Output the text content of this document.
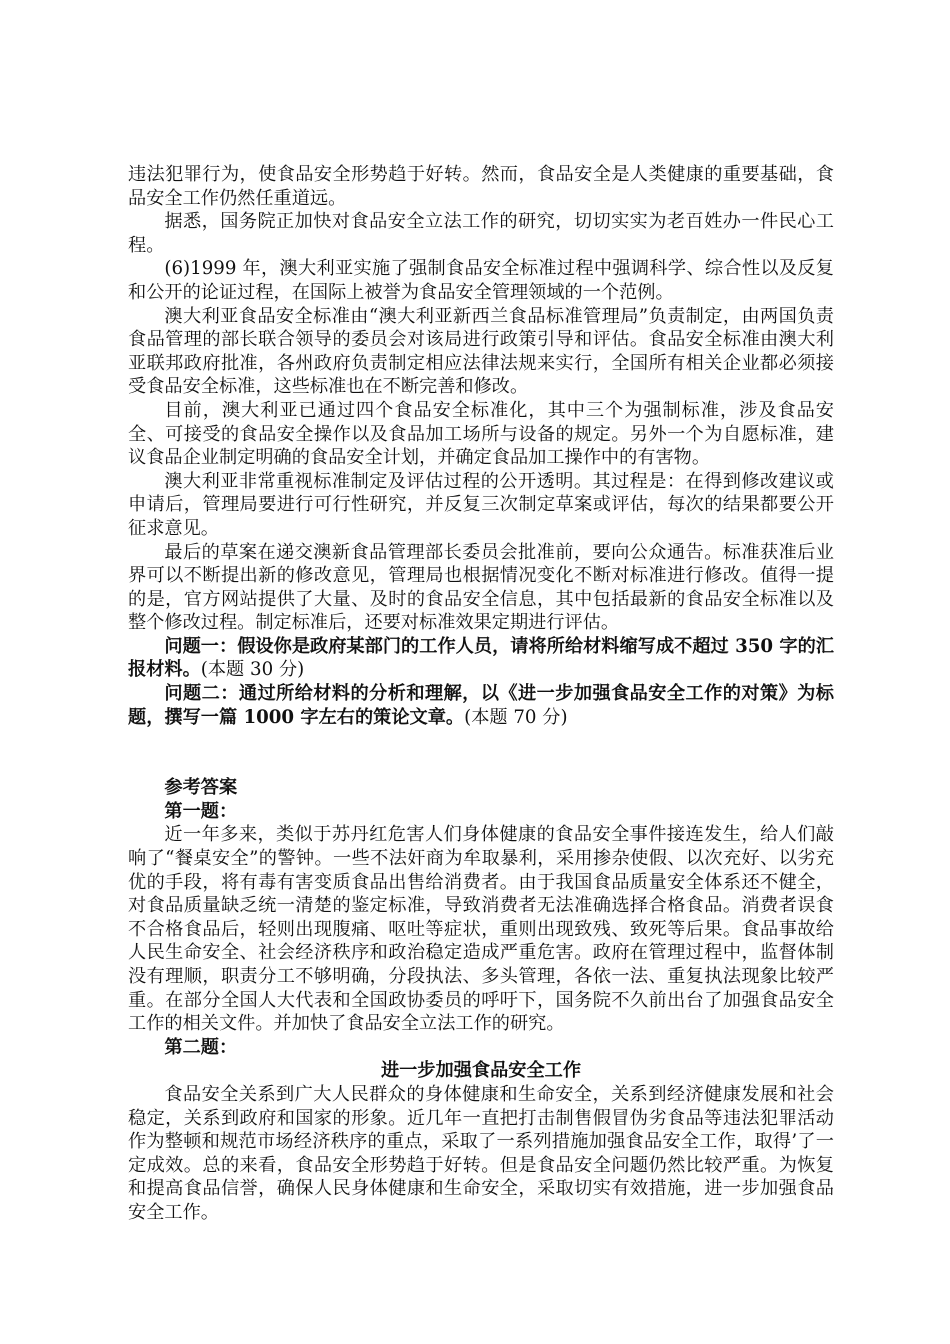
违法犯罪行为，使食品安全形势趋于好转。然而，食品安全是人类健康的重要基础，食品安全工作仍然任重道远。

据悉，国务院正加快对食品安全立法工作的研究，切切实实为老百姓办一件民心工程。

(6)1999 年，澳大利亚实施了强制食品安全标准过程中强调科学、综合性以及反复和公开的论证过程，在国际上被誉为食品安全管理领域的一个范例。

澳大利亚食品安全标准由“澳大利亚新西兰食品标准管理局”负责制定，由两国负责食品管理的部长联合领导的委员会对该局进行政策引导和评估。食品安全标准由澳大利亚联邦政府批准，各州政府负责制定相应法律法规来实行，全国所有相关企业都必须接受食品安全标准，这些标准也在不断完善和修改。

目前，澳大利亚已通过四个食品安全标准化，其中三个为强制标准，涉及食品安全、可接受的食品安全操作以及食品加工场所与设备的规定。另外一个为自愿标准，建议食品企业制定明确的食品安全计划，并确定食品加工操作中的有害物。

澳大利亚非常重视标准制定及评估过程的公开透明。其过程是：在得到修改建议或申请后，管理局要进行可行性研究，并反复三次制定草案或评估，每次的结果都要公开征求意见。

最后的草案在递交澳新食品管理部长委员会批准前，要向公众通告。标准获准后业界可以不断提出新的修改意见，管理局也根据情况变化不断对标准进行修改。值得一提的是，官方网站提供了大量、及时的食品安全信息，其中包括最新的食品安全标准以及整个修改过程。制定标准后，还要对标准效果定期进行评估。

问题一：假设你是政府某部门的工作人员，请将所给材料缩写成不超过 350 字的汇报材料。(本题 30 分)

问题二：通过所给材料的分析和理解，以《进一步加强食品安全工作的对策》为标题，撰写一篇 1000 字左右的策论文章。(本题 70 分)

参考答案

第一题：

近一年多来，类似于苏丹红危害人们身体健康的食品安全事件接连发生，给人们敲响了“餐桌安全”的警钟。一些不法奸商为牟取暴利，采用掺杂使假、以次充好、以劣充优的手段，将有毒有害变质食品出售给消费者。由于我国食品质量安全体系还不健全，对食品质量缺乏统一清楚的鉴定标准，导致消费者无法准确选择合格食品。消费者误食不合格食品后，轻则出现腹痛、呕吐等症状，重则出现致残、致死等后果。食品事故给人民生命安全、社会经济秩序和政治稳定造成严重危害。政府在管理过程中，监督体制没有理顺，职责分工不够明确，分段执法、多头管理，各依一法、重复执法现象比较严重。在部分全国人大代表和全国政协委员的呼吁下，国务院不久前出台了加强食品安全工作的相关文件。并加快了食品安全立法工作的研究。

第二题：

进一步加强食品安全工作

食品安全关系到广大人民群众的身体健康和生命安全，关系到经济健康发展和社会稳定，关系到政府和国家的形象。近几年一直把打击制售假冒伪劣食品等违法犯罪活动作为整顿和规范市场经济秩序的重点，采取了一系列措施加强食品安全工作，取得’了一定成效。总的来看，食品安全形势趋于好转。但是食品安全问题仍然比较严重。为恢复和提高食品信誉，确保人民身体健康和生命安全，采取切实有效措施，进一步加强食品安全工作。
